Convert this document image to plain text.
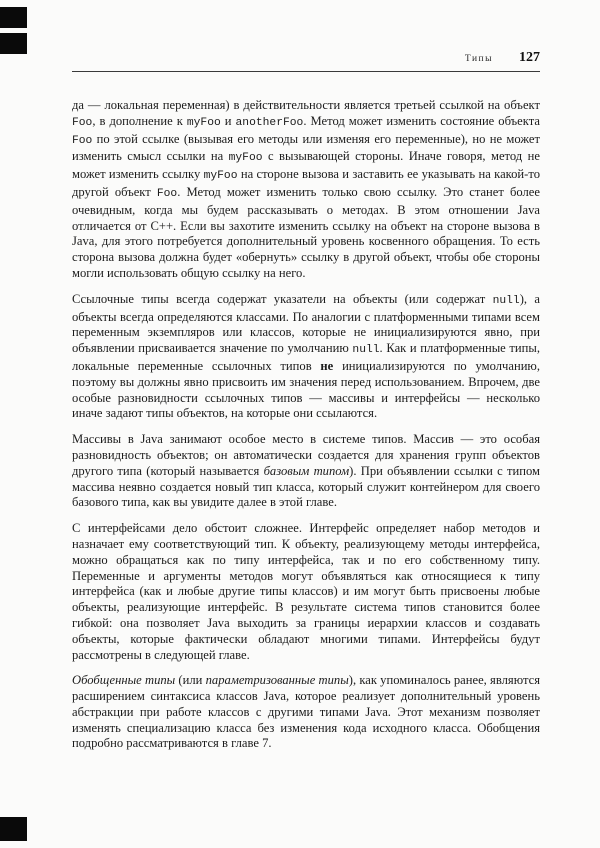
Типы 127

да — локальная переменная) в действительности является третьей ссылкой на объект Foo, в дополнение к myFoo и anotherFoo. Метод может изменить состояние объекта Foo по этой ссылке (вызывая его методы или изменяя его переменные), но не может изменить смысл ссылки на myFoo с вызывающей стороны. Иначе говоря, метод не может изменить ссылку myFoo на стороне вызова и заставить ее указывать на какой-то другой объект Foo. Метод может изменить только свою ссылку. Это станет более очевидным, когда мы будем рассказывать о методах. В этом отношении Java отличается от C++. Если вы захотите изменить ссылку на объект на стороне вызова в Java, для этого потребуется дополнительный уровень косвенного обращения. То есть сторона вызова должна будет «обернуть» ссылку в другой объект, чтобы обе стороны могли использовать общую ссылку на него.

Ссылочные типы всегда содержат указатели на объекты (или содержат null), а объекты всегда определяются классами. По аналогии с платформенными типами всем переменным экземпляров или классов, которые не инициализируются явно, при объявлении присваивается значение по умолчанию null. Как и платформенные типы, локальные переменные ссылочных типов не инициализируются по умолчанию, поэтому вы должны явно присвоить им значения перед использованием. Впрочем, две особые разновидности ссылочных типов — массивы и интерфейсы — несколько иначе задают типы объектов, на которые они ссылаются.

Массивы в Java занимают особое место в системе типов. Массив — это особая разновидность объектов; он автоматически создается для хранения групп объектов другого типа (который называется базовым типом). При объявлении ссылки с типом массива неявно создается новый тип класса, который служит контейнером для своего базового типа, как вы увидите далее в этой главе.

С интерфейсами дело обстоит сложнее. Интерфейс определяет набор методов и назначает ему соответствующий тип. К объекту, реализующему методы интерфейса, можно обращаться как по типу интерфейса, так и по его собственному типу. Переменные и аргументы методов могут объявляться как относящиеся к типу интерфейса (как и любые другие типы классов) и им могут быть присвоены любые объекты, реализующие интерфейс. В результате система типов становится более гибкой: она позволяет Java выходить за границы иерархии классов и создавать объекты, которые фактически обладают многими типами. Интерфейсы будут рассмотрены в следующей главе.

Обобщенные типы (или параметризованные типы), как упоминалось ранее, являются расширением синтаксиса классов Java, которое реализует дополнительный уровень абстракции при работе классов с другими типами Java. Этот механизм позволяет изменять специализацию класса без изменения кода исходного класса. Обобщения подробно рассматриваются в главе 7.
